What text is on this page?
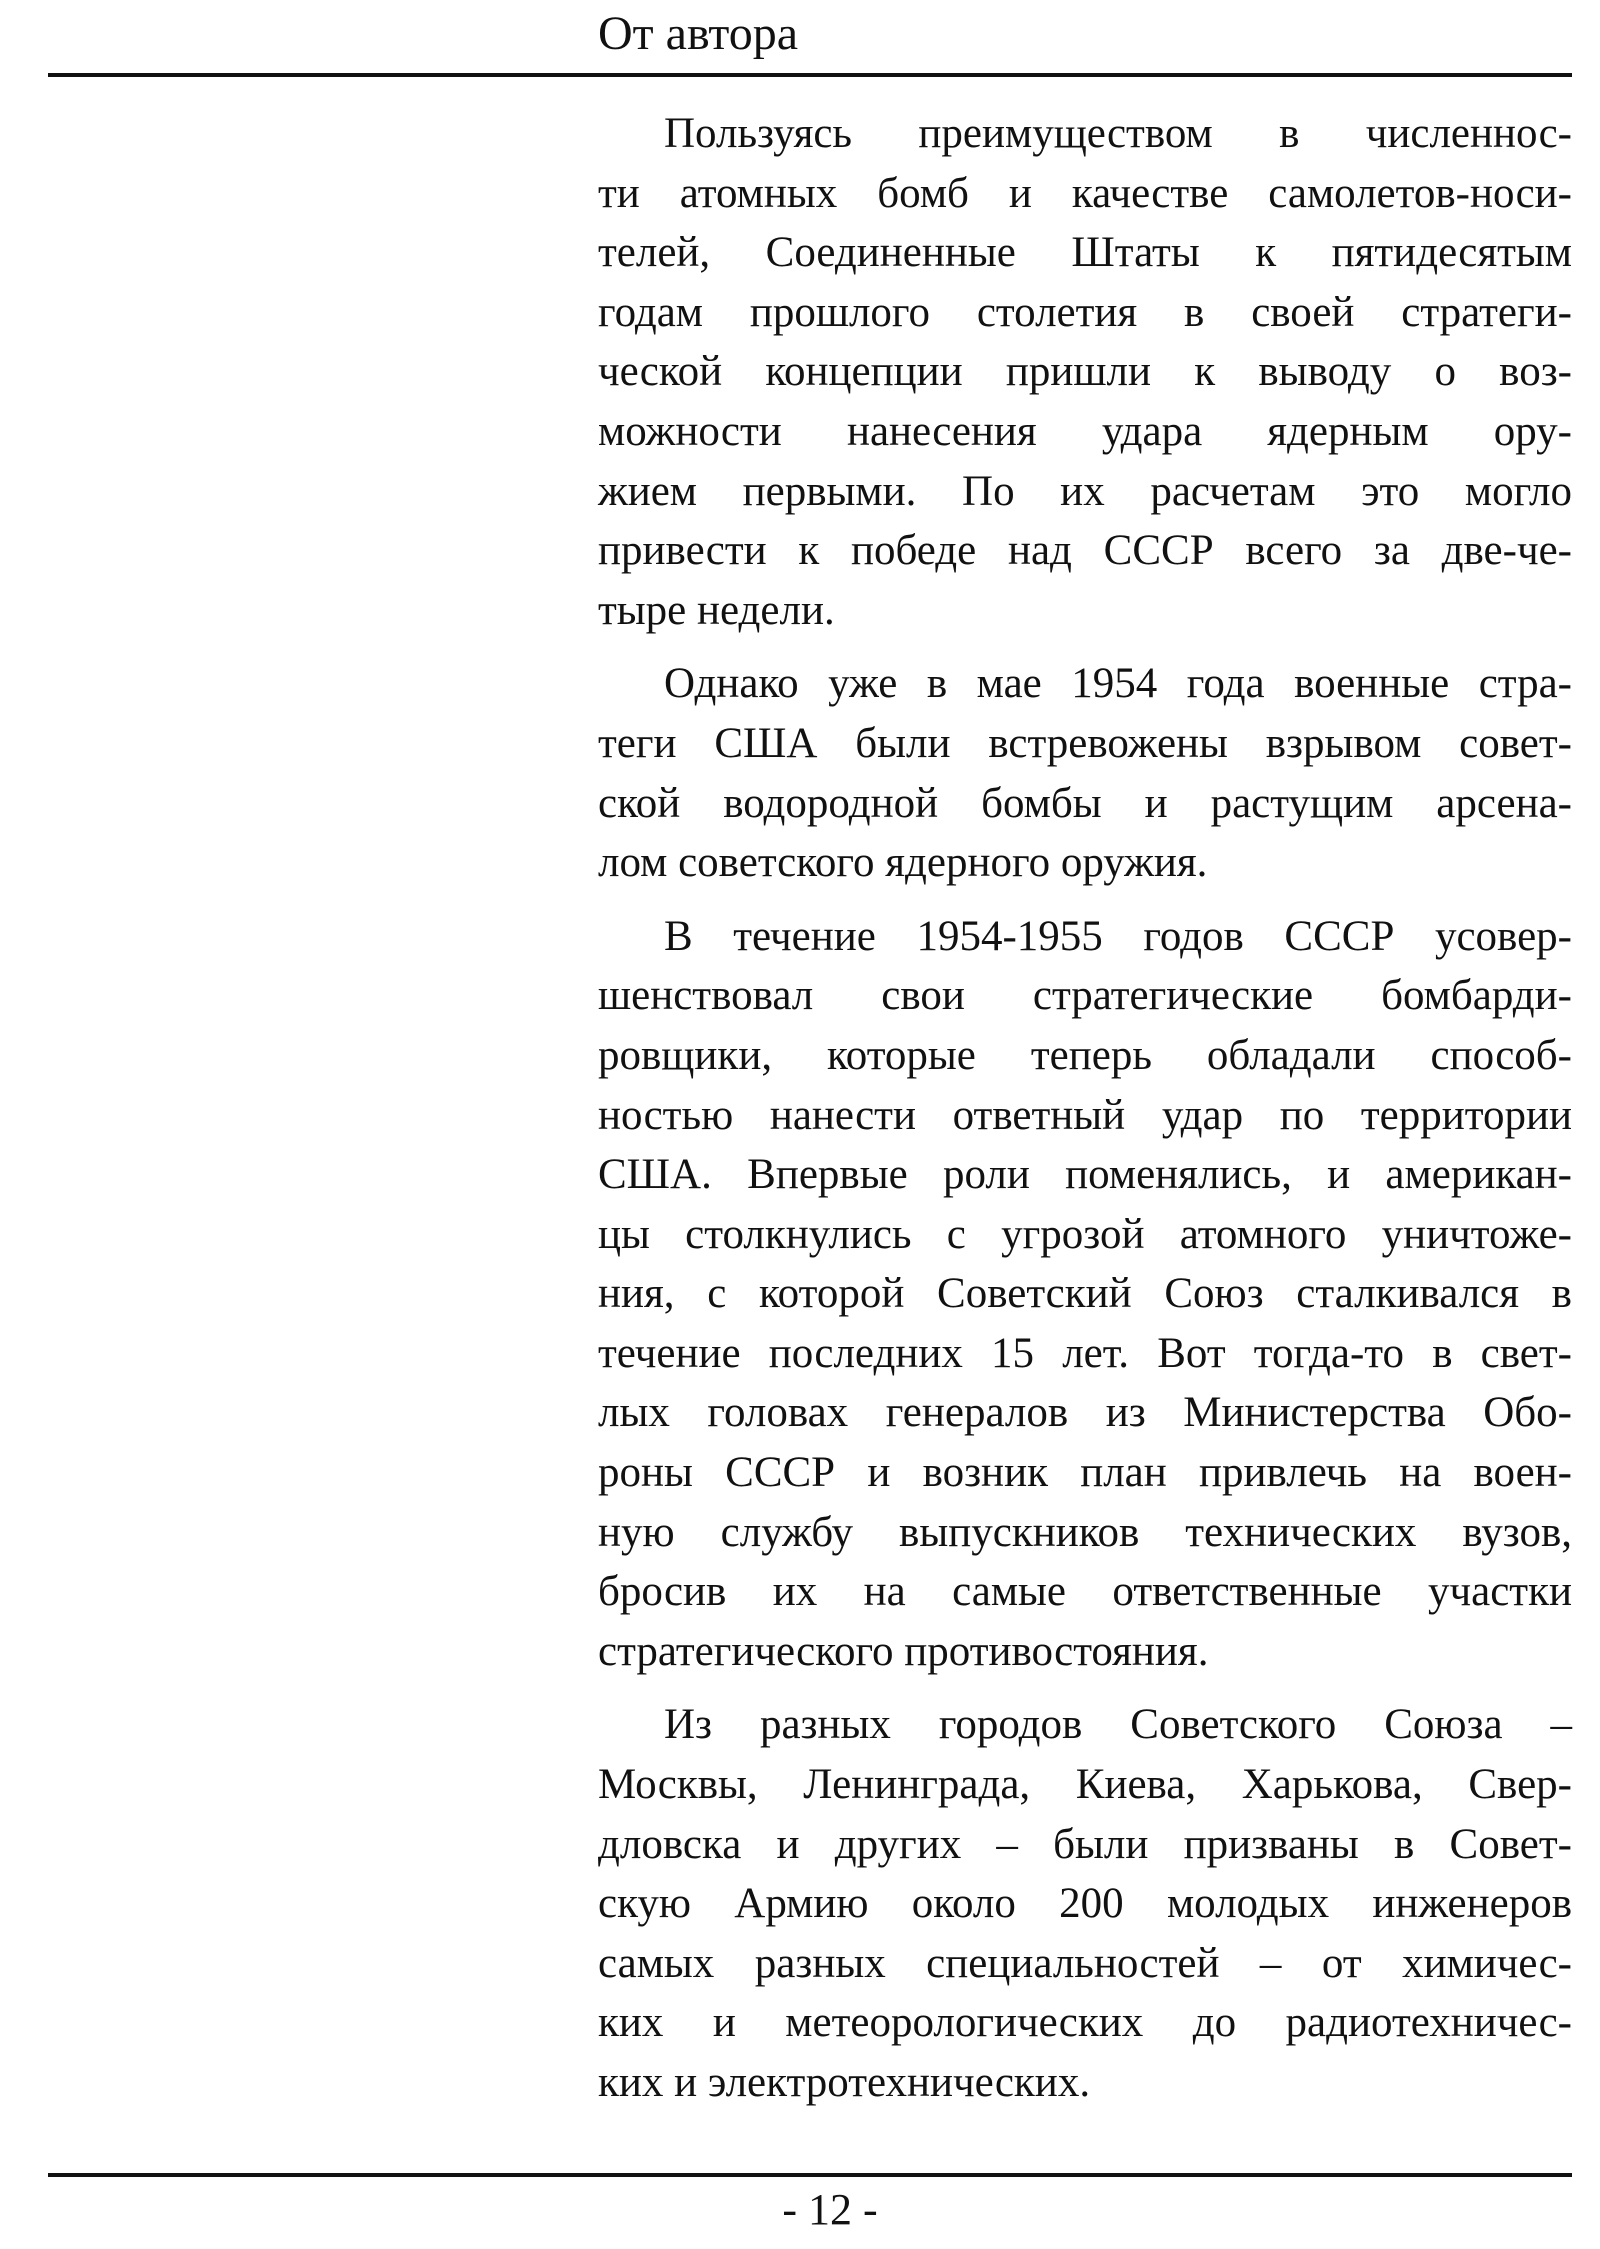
От автора
Пользуясь преимуществом в численнос-
ти атомных бомб и качестве самолетов-носи-
телей, Соединенные Штаты к пятидесятым
годам прошлого столетия в своей стратеги-
ческой концепции пришли к выводу о воз-
можности нанесения удара ядерным ору-
жием первыми. По их расчетам это могло
привести к победе над СССР всего за две-че-
тыре недели.
Однако уже в мае 1954 года военные стра-
теги США были встревожены взрывом совет-
ской водородной бомбы и растущим арсена-
лом советского ядерного оружия.
В течение 1954-1955 годов СССР усовер-
шенствовал свои стратегические бомбарди-
ровщики, которые теперь обладали способ-
ностью нанести ответный удар по территории
США. Впервые роли поменялись, и американ-
цы столкнулись с угрозой атомного уничтоже-
ния, с которой Советский Союз сталкивался в
течение последних 15 лет. Вот тогда-то в свет-
лых головах генералов из Министерства Обо-
роны СССР и возник план привлечь на воен-
ную службу выпускников технических вузов,
бросив их на самые ответственные участки
стратегического противостояния.
Из разных городов Советского Союза –
Москвы, Ленинграда, Киева, Харькова, Свер-
дловска и других – были призваны в Совет-
скую Армию около 200 молодых инженеров
самых разных специальностей – от химичес-
ких и метеорологических до радиотехничес-
ких и электротехнических.
- 12 -
